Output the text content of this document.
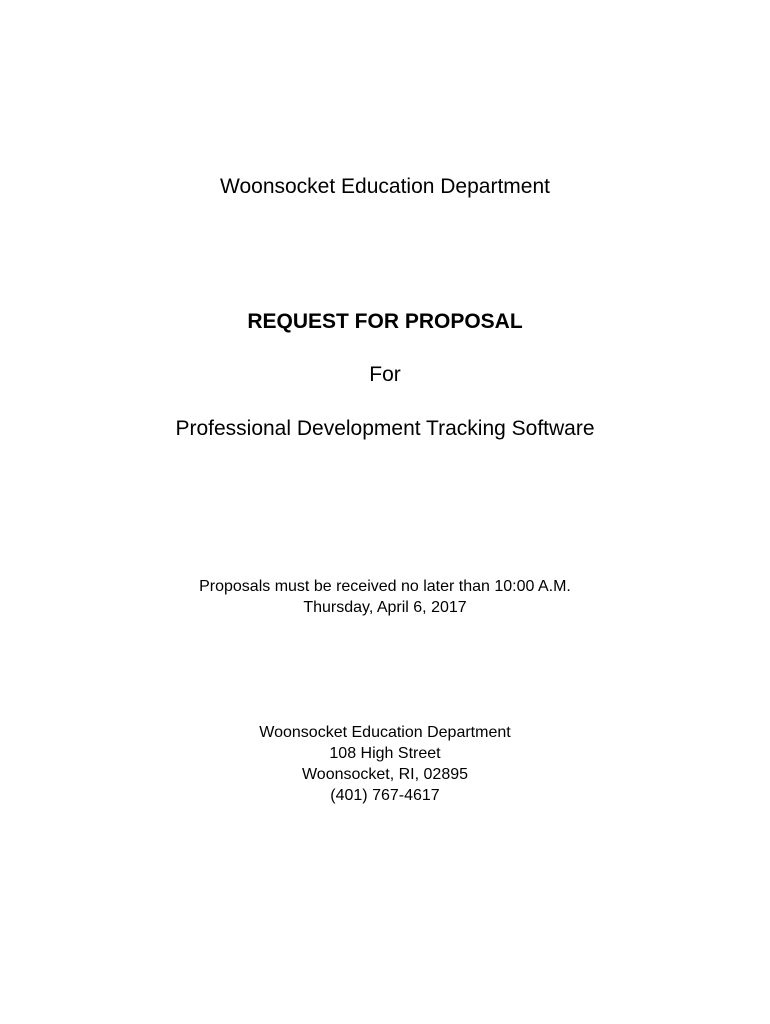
Woonsocket Education Department
REQUEST FOR PROPOSAL
For
Professional Development Tracking Software
Proposals must be received no later than 10:00 A.M.
Thursday, April 6, 2017
Woonsocket Education Department
108 High Street
Woonsocket, RI, 02895
(401) 767-4617
